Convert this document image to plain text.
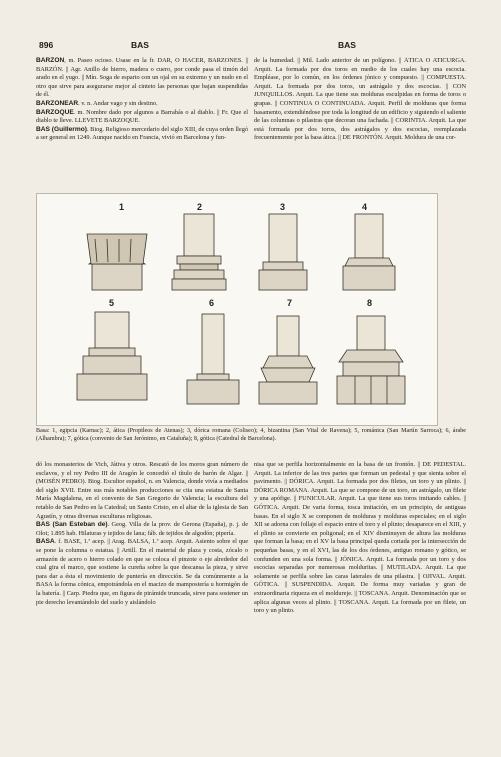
896	BAS	BAS

BARZÓN, m. Paseo ocioso. Usase en la fr. DAR, O HACER, BARZONES. || BARZÓN. || Agr. Anillo de hierro, madera o cuero, por conde pasa el timón del arado en el yugo. || Mín. Soga de esparto con un ojal en su extremo y un nudo en el otro que sirve para asegurarse mejor al cinteto las personas que bajan suspendidas de él.

BARZONEAR. v. n. Andar vago y sin destino.

BARZOQUE. m. Nombre dado por algunos a Barrabás o al diablo. || Fr. Que el diablo te lleve. LLEVETE BARZOQUE.

BAS (Guillermo). Biog. Religioso mercedario del siglo XIII, de cuya orden llegó a ser general en 1249. Aunque nacido en Francia, vivió en Barcelona y fun-

de la humedad. || Mil. Lado anterior de un polígono. || ÁTICA O ATICURGA. Arquit. La formada por dos toros en medio de los cuales hay una escocia. Empléase, por lo común, en los órdenes jónico y compuesto. || COMPUESTA. Arquit. La formada por dos toros, un astrágalo y dos escocias. || CON JUNQUILLOS. Arquit. La que tiene sus molduras esculpidas en forma de toros o grapas. || CONTINUA O CONTINUADA. Arquit. Perfil de molduras que forma basamento, extendiéndose por toda la longitud de un edificio y siguiendo el saliente de las columnas o pilastras que decoran una fachada. || CORINTIA. Arquit. La que está formada por dos toros, dos astrágalos y dos escocias, reemplazada frecuentemente por la basa ática. || DE FRONTÓN. Arquit. Moldura de una cor-

1	2	3	4
5	6	7	8
Basa: 1, egipcia (Karnac); 2, ática (Propileos de Atenas); 3, dórica romana (Coliseo); 4, bizantina (San Vital de Ravena); 5, románica (San Martín Sarroca); 6, árabe (Alhambra); 7, gótica (convento de San Jerónimo, en Cataluña); 8, gótica (Catedral de Barcelona).

dó los monasterios de Vich, Játiva y otros. Rescató de los moros gran número de esclavos, y el rey Pedro III de Aragón le concedió el título de barón de Algar. || (MOSÉN PEDRO). Biog. Escultor español, n. en Valencia, donde vivía a mediados del siglo XVII. Entre sus más notables producciones se cita una estatua de Santa María Magdalena, en el convento de San Gregorio de Valencia; la escultura del retablo de San Pedro en la Catedral; un Santo Cristo, en el altar de la iglesia de San Agustín, y otras diversas esculturas religiosas.

BAS (San Esteban de). Geog. Villa de la prov. de Gerona (España), p. j. de Olot; 1.895 hab. Hilaturas y tejidos de lana; fáb. de tejidos de algodón; pipería.

BASA. f. BASE, 1.ª acep. || Arag. BALSA, 1.ª acep. Arquit. Asiento sobre el que se pone la columna o estatua. || Artill. En el material de plaza y costa, zócalo o armazón de acero o hierro colado en que se coloca el pinzote o eje alrededor del cual gira el marco, que sostiene la cureña sobre la que descansa la pieza, y sirve para dar a ésta el movimiento de puntería en dirección. Se da comúnmente a la BASA la forma cónica, empotrándola en el macizo de mampostería u hormigón de la batería. || Carp. Piedra que, en figura de pirámide truncada, sirve para sostener un pie derecho levantándolo del suelo y aislándolo

nisa que se perfila horizontalmente en la basa de un frontón. || DE PEDESTAL. Arquit. La inferior de las tres partes que forman un pedestal y que sienta sobre el pavimento. || DÓRICA. Arquit. La formada por dos filetes, un toro y un plinto. || DÓRICA ROMANA. Arquit. La que se compone de un toro, un astrágalo, un filete y una apófige. || FUNICULAR. Arquit. La que tiene sus toros imitando cables. || GÓTICA. Arquit. De varia forma, tosca imitación, en un principio, de antiguas basas. En el siglo X se componen de molduras y molduras especiales; en el siglo XII se adorna con follaje el espacio entre el toro y el plinto; desaparece en el XIII, y el plinto se convierte en poligonal; en el XIV disminuyen de altura las molduras que forman la basa; en el XV la basa principal queda cortada por la intersección de pequeñas basas, y en el XVI, las de los dos órdenes, antiguo romano y gótico, se confunden en una sola forma. || JÓNICA. Arquit. La formada por un toro y dos escocias separadas por numerosas molduritas. || MUTILADA. Arquit. La que solamente se perfila sobre las caras laterales de una pilastra. || OJIVAL. Arquit. GÓTICA. || SUSPENDIDA. Arquit. De forma muy variadas y gran de extraordinaria riqueza en el moldureje. || TOSCANA. Arquit. Denominación que se aplica algunas veces al plinto. || TOSCANA. Arquit. La formada por un filete, un toro y un plinto.
